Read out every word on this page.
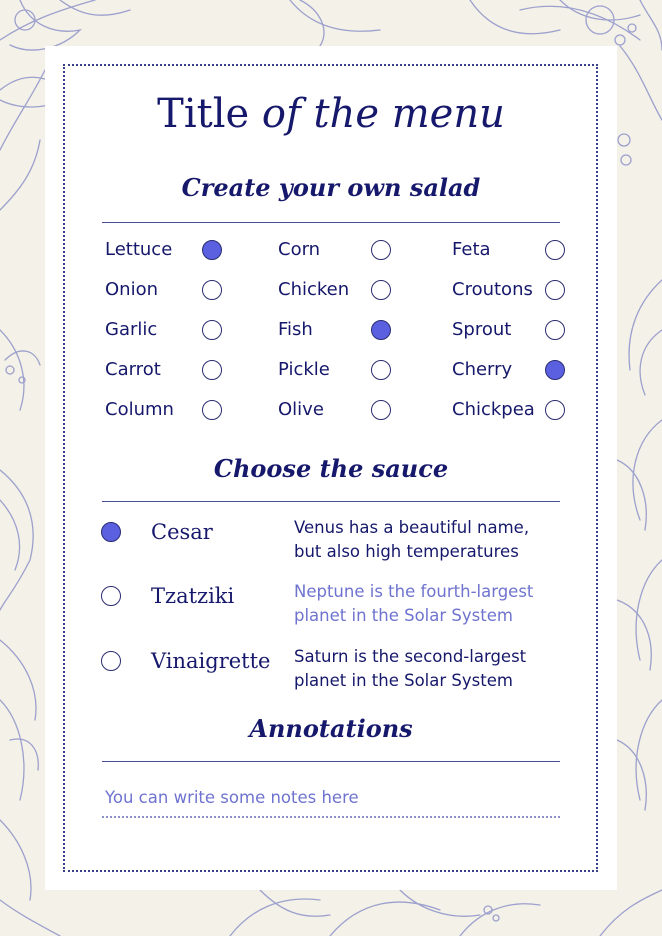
Title of the menu
Create your own salad
Lettuce
Onion
Garlic
Carrot
Column
Corn
Chicken
Fish
Pickle
Olive
Feta
Croutons
Sprout
Cherry
Chickpea
Choose the sauce
Cesar	Venus has a beautiful name, but also high temperatures
Tzatziki	Neptune is the fourth-largest planet in the Solar System
Vinaigrette Saturn is the second-largest planet in the Solar System
Annotations
You can write some notes here
